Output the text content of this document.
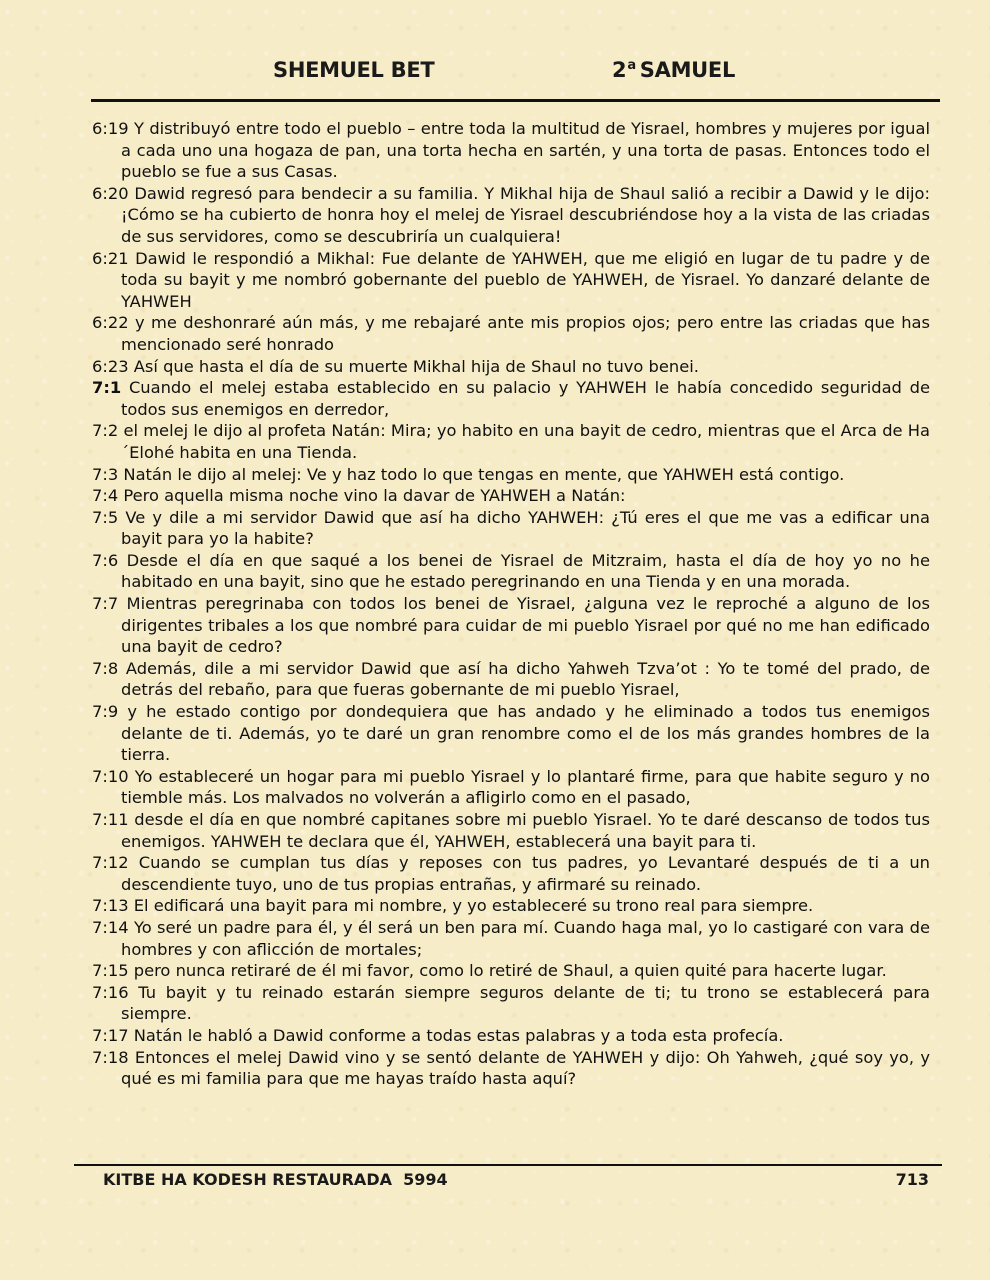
SHEMUEL BET	2$^a$ SAMUEL

6:19 Y distribuyó entre todo el pueblo – entre toda la multitud de Yisrael, hombres y mujeres por igual a cada uno una hogaza de pan, una torta hecha en sartén, y una torta de pasas. Entonces todo el pueblo se fue a sus Casas.

6:20 Dawid regresó para bendecir a su familia. Y Mikhal hija de Shaul salió a recibir a Dawid y le dijo: ¡Cómo se ha cubierto de honra hoy el melej de Yisrael descubriéndose hoy a la vista de las criadas de sus servidores, como se descubriría un cualquiera!

6:21 Dawid le respondió a Mikhal: Fue delante de YAHWEH, que me eligió en lugar de tu padre y de toda su bayit y me nombró gobernante del pueblo de YAHWEH, de Yisrael. Yo danzaré delante de YAHWEH

6:22 y me deshonraré aún más, y me rebajaré ante mis propios ojos; pero entre las criadas que has mencionado seré honrado

6:23 Así que hasta el día de su muerte Mikhal hija de Shaul no tuvo benei.

7:1 Cuando el melej estaba establecido en su palacio y YAHWEH le había concedido seguridad de todos sus enemigos en derredor,

7:2 el melej le dijo al profeta Natán: Mira; yo habito en una bayit de cedro, mientras que el Arca de Ha´Elohé habita en una Tienda.

7:3 Natán le dijo al melej: Ve y haz todo lo que tengas en mente, que YAHWEH está contigo.

7:4 Pero aquella misma noche vino la davar de YAHWEH a Natán:

7:5 Ve y dile a mi servidor Dawid que así ha dicho YAHWEH: ¿Tú eres el que me vas a edificar una bayit para yo la habite?

7:6 Desde el día en que saqué a los benei de Yisrael de Mitzraim, hasta el día de hoy yo no he habitado en una bayit, sino que he estado peregrinando en una Tienda y en una morada.

7:7 Mientras peregrinaba con todos los benei de Yisrael, ¿alguna vez le reproché a alguno de los dirigentes tribales a los que nombré para cuidar de mi pueblo Yisrael por qué no me han edificado una bayit de cedro?

7:8 Además, dile a mi servidor Dawid que así ha dicho Yahweh Tzva’ot : Yo te tomé del prado, de detrás del rebaño, para que fueras gobernante de mi pueblo Yisrael,

7:9 y he estado contigo por dondequiera que has andado y he eliminado a todos tus enemigos delante de ti. Además, yo te daré un gran renombre como el de los más grandes hombres de la tierra.

7:10 Yo estableceré un hogar para mi pueblo Yisrael y lo plantaré firme, para que habite seguro y no tiemble más. Los malvados no volverán a afligirlo como en el pasado,

7:11 desde el día en que nombré capitanes sobre mi pueblo Yisrael. Yo te daré descanso de todos tus enemigos. YAHWEH te declara que él, YAHWEH, establecerá una bayit para ti.

7:12 Cuando se cumplan tus días y reposes con tus padres, yo Levantaré después de ti a un descendiente tuyo, uno de tus propias entrañas, y afirmaré su reinado.

7:13 El edificará una bayit para mi nombre, y yo estableceré su trono real para siempre.

7:14 Yo seré un padre para él, y él será un ben para mí. Cuando haga mal, yo lo castigaré con vara de hombres y con aflicción de mortales;

7:15 pero nunca retiraré de él mi favor, como lo retiré de Shaul, a quien quité para hacerte lugar.

7:16 Tu bayit y tu reinado estarán siempre seguros delante de ti; tu trono se establecerá para siempre.

7:17 Natán le habló a Dawid conforme a todas estas palabras y a toda esta profecía.

7:18 Entonces el melej Dawid vino y se sentó delante de YAHWEH y dijo: Oh Yahweh, ¿qué soy yo, y qué es mi familia para que me hayas traído hasta aquí?

KITBE HA KODESH RESTAURADA  5994	713
